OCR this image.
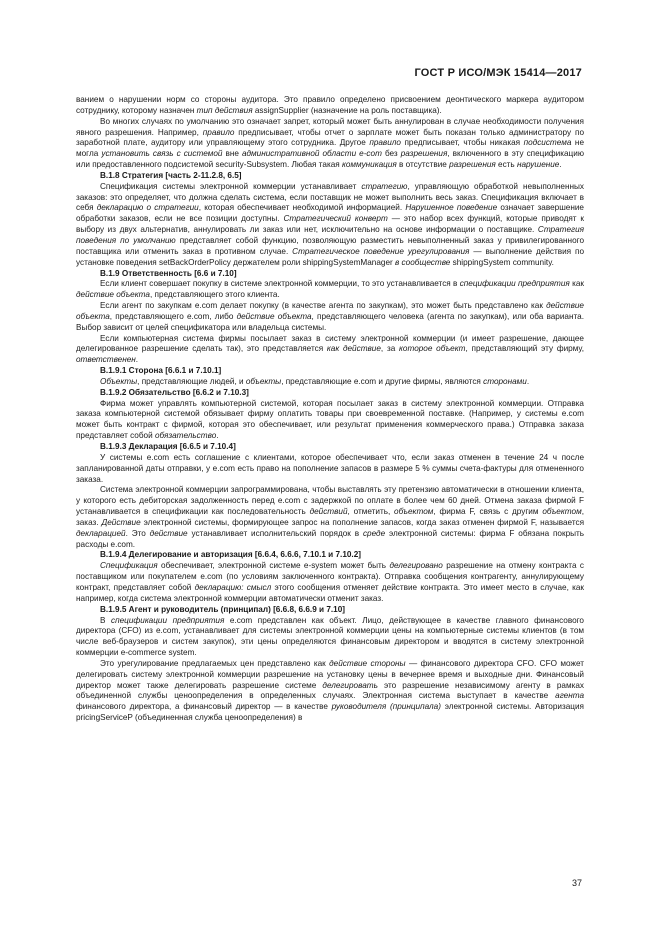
ГОСТ Р ИСО/МЭК 15414—2017

ванием о нарушении норм со стороны аудитора. Это правило определено присвоением деонтического маркера аудитором сотруднику, которому назначен тип действия assignSupplier (назначение на роль поставщика).

Во многих случаях по умолчанию это означает запрет, который может быть аннулирован в случае необходимости получения явного разрешения. Например, правило предписывает, чтобы отчет о зарплате может быть показан только администратору по заработной плате, аудитору или управляющему этого сотрудника. Другое правило предписывает, чтобы никакая подсистема не могла установить связь с системой вне административной области e-com без разрешения, включенного в эту спецификацию или предоставленного подсистемой security-Subsystem. Любая такая коммуникация в отсутствие разрешения есть нарушение.

В.1.8 Стратегия [часть 2-11.2.8, 6.5]

Спецификация системы электронной коммерции устанавливает стратегию, управляющую обработкой невыполненных заказов: это определяет, что должна сделать система, если поставщик не может выполнить весь заказ. Спецификация включает в себя декларацию о стратегии, которая обеспечивает необходимой информацией. Нарушенное поведение означает завершение обработки заказов, если не все позиции доступны. Стратегический конверт — это набор всех функций, которые приводят к выбору из двух альтернатив, аннулировать ли заказ или нет, исключительно на основе информации о поставщике. Стратегия поведения по умолчанию представляет собой функцию, позволяющую разместить невыполненный заказ у привилегированного поставщика или отменить заказ в противном случае. Стратегическое поведение урегулирования — выполнение действия по установке поведения setBackOrderPolicy держателем роли shippingSystemManager в сообществе shippingSystem community.

В.1.9 Ответственность [6.6 и 7.10]

Если клиент совершает покупку в системе электронной коммерции, то это устанавливается в спецификации предприятия как действие объекта, представляющего этого клиента.

Если агент по закупкам e.com делает покупку (в качестве агента по закупкам), это может быть представлено как действие объекта, представляющего e.com, либо действие объекта, представляющего человека (агента по закупкам), или оба варианта. Выбор зависит от целей спецификатора или владельца системы.

Если компьютерная система фирмы посылает заказ в систему электронной коммерции (и имеет разрешение, дающее делегированное разрешение сделать так), это представляется как действие, за которое объект, представляющий эту фирму, ответственен.

В.1.9.1 Сторона [6.6.1 и 7.10.1]

Объекты, представляющие людей, и объекты, представляющие e.com и другие фирмы, являются сторонами.

В.1.9.2 Обязательство [6.6.2 и 7.10.3]

Фирма может управлять компьютерной системой, которая посылает заказ в систему электронной коммерции. Отправка заказа компьютерной системой обязывает фирму оплатить товары при своевременной поставке. (Например, у системы e.com может быть контракт с фирмой, которая это обеспечивает, или результат применения коммерческого права.) Отправка заказа представляет собой обязательство.

В.1.9.3 Декларация [6.6.5 и 7.10.4]

У системы e.com есть соглашение с клиентами, которое обеспечивает что, если заказ отменен в течение 24 ч после запланированной даты отправки, у e.com есть право на пополнение запасов в размере 5 % суммы счета-фактуры для отмененного заказа.

Система электронной коммерции запрограммирована, чтобы выставлять эту претензию автоматически в отношении клиента, у которого есть дебиторская задолженность перед e.com с задержкой по оплате в более чем 60 дней. Отмена заказа фирмой F устанавливается в спецификации как последовательность действий, отметить, объектом, фирма F, связь с другим объектом, заказ. Действие электронной системы, формирующее запрос на пополнение запасов, когда заказ отменен фирмой F, называется декларацией. Это действие устанавливает исполнительский порядок в среде электронной системы: фирма F обязана покрыть расходы e.com.

В.1.9.4 Делегирование и авторизация [6.6.4, 6.6.6, 7.10.1 и 7.10.2]

Спецификация обеспечивает, электронной системе e-system может быть делегировано разрешение на отмену контракта с поставщиком или покупателем e.com (по условиям заключенного контракта). Отправка сообщения контрагенту, аннулирующему контракт, представляет собой декларацию: смысл этого сообщения отменяет действие контракта. Это имеет место в случае, как например, когда система электронной коммерции автоматически отменит заказ.

В.1.9.5 Агент и руководитель (принципал) [6.6.8, 6.6.9 и 7.10]

В спецификации предприятия e.com представлен как объект. Лицо, действующее в качестве главного финансового директора (CFO) из e.com, устанавливает для системы электронной коммерции цены на компьютерные системы клиентов (в том числе веб-браузеров и систем закупок), эти цены определяются финансовым директором и вводятся в систему электронной коммерции e-commerce system.

Это урегулирование предлагаемых цен представлено как действие стороны — финансового директора CFO. CFO может делегировать систему электронной коммерции разрешение на установку цены в вечернее время и выходные дни. Финансовый директор может также делегировать разрешение системе делегировать это разрешение независимому агенту в рамках объединенной службы ценоопределения в определенных случаях. Электронная система выступает в качестве агента финансового директора, а финансовый директор — в качестве руководителя (принципала) электронной системы. Авторизация pricingServiceP (объединенная служба ценоопределения) в

37
